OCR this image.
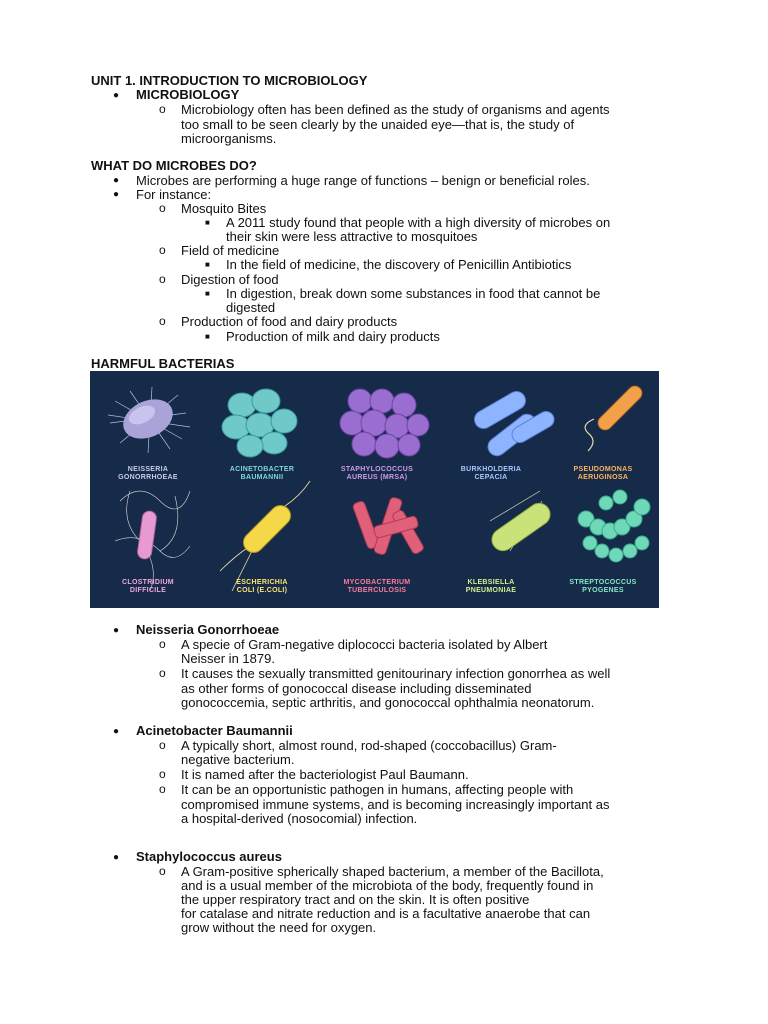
UNIT 1. INTRODUCTION TO MICROBIOLOGY
● MICROBIOLOGY
o Microbiology often has been defined as the study of organisms and agents
too small to be seen clearly by the unaided eye—that is, the study of
microorganisms.
WHAT DO MICROBES DO?
● Microbes are performing a huge range of functions – benign or beneficial roles.
● For instance:
o Mosquito Bites
■ A 2011 study found that people with a high diversity of microbes on
their skin were less attractive to mosquitoes
o Field of medicine
■ In the field of medicine, the discovery of Penicillin Antibiotics
o Digestion of food
■ In digestion, break down some substances in food that cannot be
digested
o Production of food and dairy products
■ Production of milk and dairy products
HARMFUL BACTERIAS
NEISSERIA
GONORRHOEAE
ACINETOBACTER
BAUMANNII
STAPHYLOCOCCUS
AUREUS (MRSA)
BURKHOLDERIA
CEPACIA
PSEUDOMONAS
AERUGINOSA
CLOSTRIDIUM
DIFFICILE
ESCHERICHIA
COLI (E.COLI)
MYCOBACTERIUM
TUBERCULOSIS
KLEBSIELLA
PNEUMONIAE
STREPTOCOCCUS
PYOGENES
● Neisseria Gonorrhoeae
o A specie of Gram-negative diplococci bacteria isolated by Albert
Neisser in 1879.
o It causes the sexually transmitted genitourinary infection gonorrhea as well
as other forms of gonococcal disease including disseminated
gonococcemia, septic arthritis, and gonococcal ophthalmia neonatorum.
● Acinetobacter Baumannii
o A typically short, almost round, rod-shaped (coccobacillus) Gram-
negative bacterium.
o It is named after the bacteriologist Paul Baumann.
o It can be an opportunistic pathogen in humans, affecting people with
compromised immune systems, and is becoming increasingly important as
a hospital-derived (nosocomial) infection.
● Staphylococcus aureus
o A Gram-positive spherically shaped bacterium, a member of the Bacillota,
and is a usual member of the microbiota of the body, frequently found in
the upper respiratory tract and on the skin. It is often positive
for catalase and nitrate reduction and is a facultative anaerobe that can
grow without the need for oxygen.
